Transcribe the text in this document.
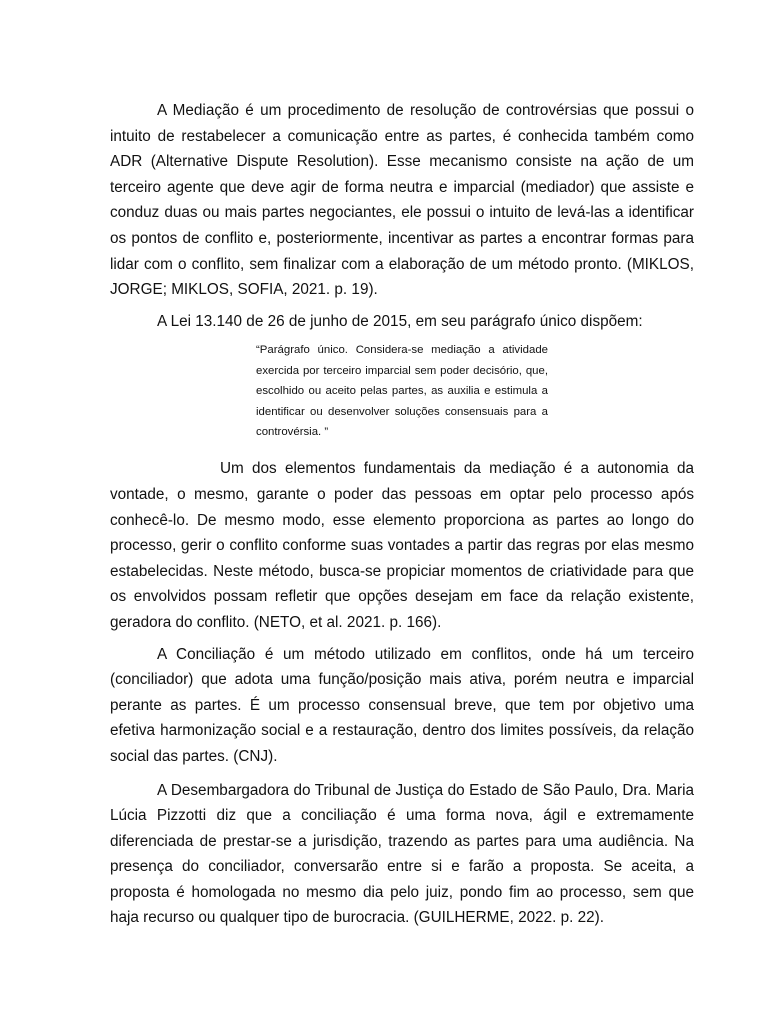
A Mediação é um procedimento de resolução de controvérsias que possui o intuito de restabelecer a comunicação entre as partes, é conhecida também como ADR (Alternative Dispute Resolution). Esse mecanismo consiste na ação de um terceiro agente que deve agir de forma neutra e imparcial (mediador) que assiste e conduz duas ou mais partes negociantes, ele possui o intuito de levá-las a identificar os pontos de conflito e, posteriormente, incentivar as partes a encontrar formas para lidar com o conflito, sem finalizar com a elaboração de um método pronto. (MIKLOS, JORGE; MIKLOS, SOFIA, 2021. p. 19).

A Lei 13.140 de 26 de junho de 2015, em seu parágrafo único dispõem:

“Parágrafo único. Considera-se mediação a atividade exercida por terceiro imparcial sem poder decisório, que, escolhido ou aceito pelas partes, as auxilia e estimula a identificar ou desenvolver soluções consensuais para a controvérsia. ”

Um dos elementos fundamentais da mediação é a autonomia da vontade, o mesmo, garante o poder das pessoas em optar pelo processo após conhecê-lo. De mesmo modo, esse elemento proporciona as partes ao longo do processo, gerir o conflito conforme suas vontades a partir das regras por elas mesmo estabelecidas. Neste método, busca-se propiciar momentos de criatividade para que os envolvidos possam refletir que opções desejam em face da relação existente, geradora do conflito. (NETO, et al. 2021. p. 166).

A Conciliação é um método utilizado em conflitos, onde há um terceiro (conciliador) que adota uma função/posição mais ativa, porém neutra e imparcial perante as partes. É um processo consensual breve, que tem por objetivo uma efetiva harmonização social e a restauração, dentro dos limites possíveis, da relação social das partes. (CNJ).

A Desembargadora do Tribunal de Justiça do Estado de São Paulo, Dra. Maria Lúcia Pizzotti diz que a conciliação é uma forma nova, ágil e extremamente diferenciada de prestar-se a jurisdição, trazendo as partes para uma audiência. Na presença do conciliador, conversarão entre si e farão a proposta. Se aceita, a proposta é homologada no mesmo dia pelo juiz, pondo fim ao processo, sem que haja recurso ou qualquer tipo de burocracia. (GUILHERME, 2022. p. 22).
